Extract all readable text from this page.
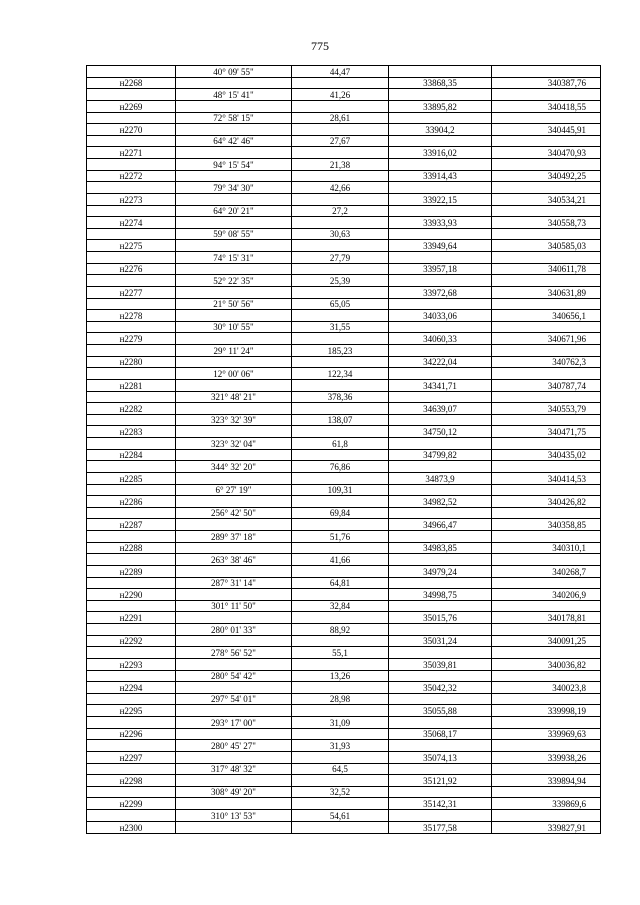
775
	40° 09' 55"	44,47		
н2268			33868,35	340387,76
	48° 15' 41"	41,26		
н2269			33895,82	340418,55
	72° 58' 15"	28,61		
н2270			33904,2	340445,91
	64° 42' 46"	27,67		
н2271			33916,02	340470,93
	94° 15' 54"	21,38		
н2272			33914,43	340492,25
	79° 34' 30"	42,66		
н2273			33922,15	340534,21
	64° 20' 21"	27,2		
н2274			33933,93	340558,73
	59° 08' 55"	30,63		
н2275			33949,64	340585,03
	74° 15' 31"	27,79		
н2276			33957,18	340611,78
	52° 22' 35"	25,39		
н2277			33972,68	340631,89
	21° 50' 56"	65,05		
н2278			34033,06	340656,1
	30° 10' 55"	31,55		
н2279			34060,33	340671,96
	29° 11' 24"	185,23		
н2280			34222,04	340762,3
	12° 00' 06"	122,34		
н2281			34341,71	340787,74
	321° 48' 21"	378,36		
н2282			34639,07	340553,79
	323° 32' 39"	138,07		
н2283			34750,12	340471,75
	323° 32' 04"	61,8		
н2284			34799,82	340435,02
	344° 32' 20"	76,86		
н2285			34873,9	340414,53
	6° 27' 19"	109,31		
н2286			34982,52	340426,82
	256° 42' 50"	69,84		
н2287			34966,47	340358,85
	289° 37' 18"	51,76		
н2288			34983,85	340310,1
	263° 38' 46"	41,66		
н2289			34979,24	340268,7
	287° 31' 14"	64,81		
н2290			34998,75	340206,9
	301° 11' 50"	32,84		
н2291			35015,76	340178,81
	280° 01' 33"	88,92		
н2292			35031,24	340091,25
	278° 56' 52"	55,1		
н2293			35039,81	340036,82
	280° 54' 42"	13,26		
н2294			35042,32	340023,8
	297° 54' 01"	28,98		
н2295			35055,88	339998,19
	293° 17' 00"	31,09		
н2296			35068,17	339969,63
	280° 45' 27"	31,93		
н2297			35074,13	339938,26
	317° 48' 32"	64,5		
н2298			35121,92	339894,94
	308° 49' 20"	32,52		
н2299			35142,31	339869,6
	310° 13' 53"	54,61		
н2300			35177,58	339827,91
